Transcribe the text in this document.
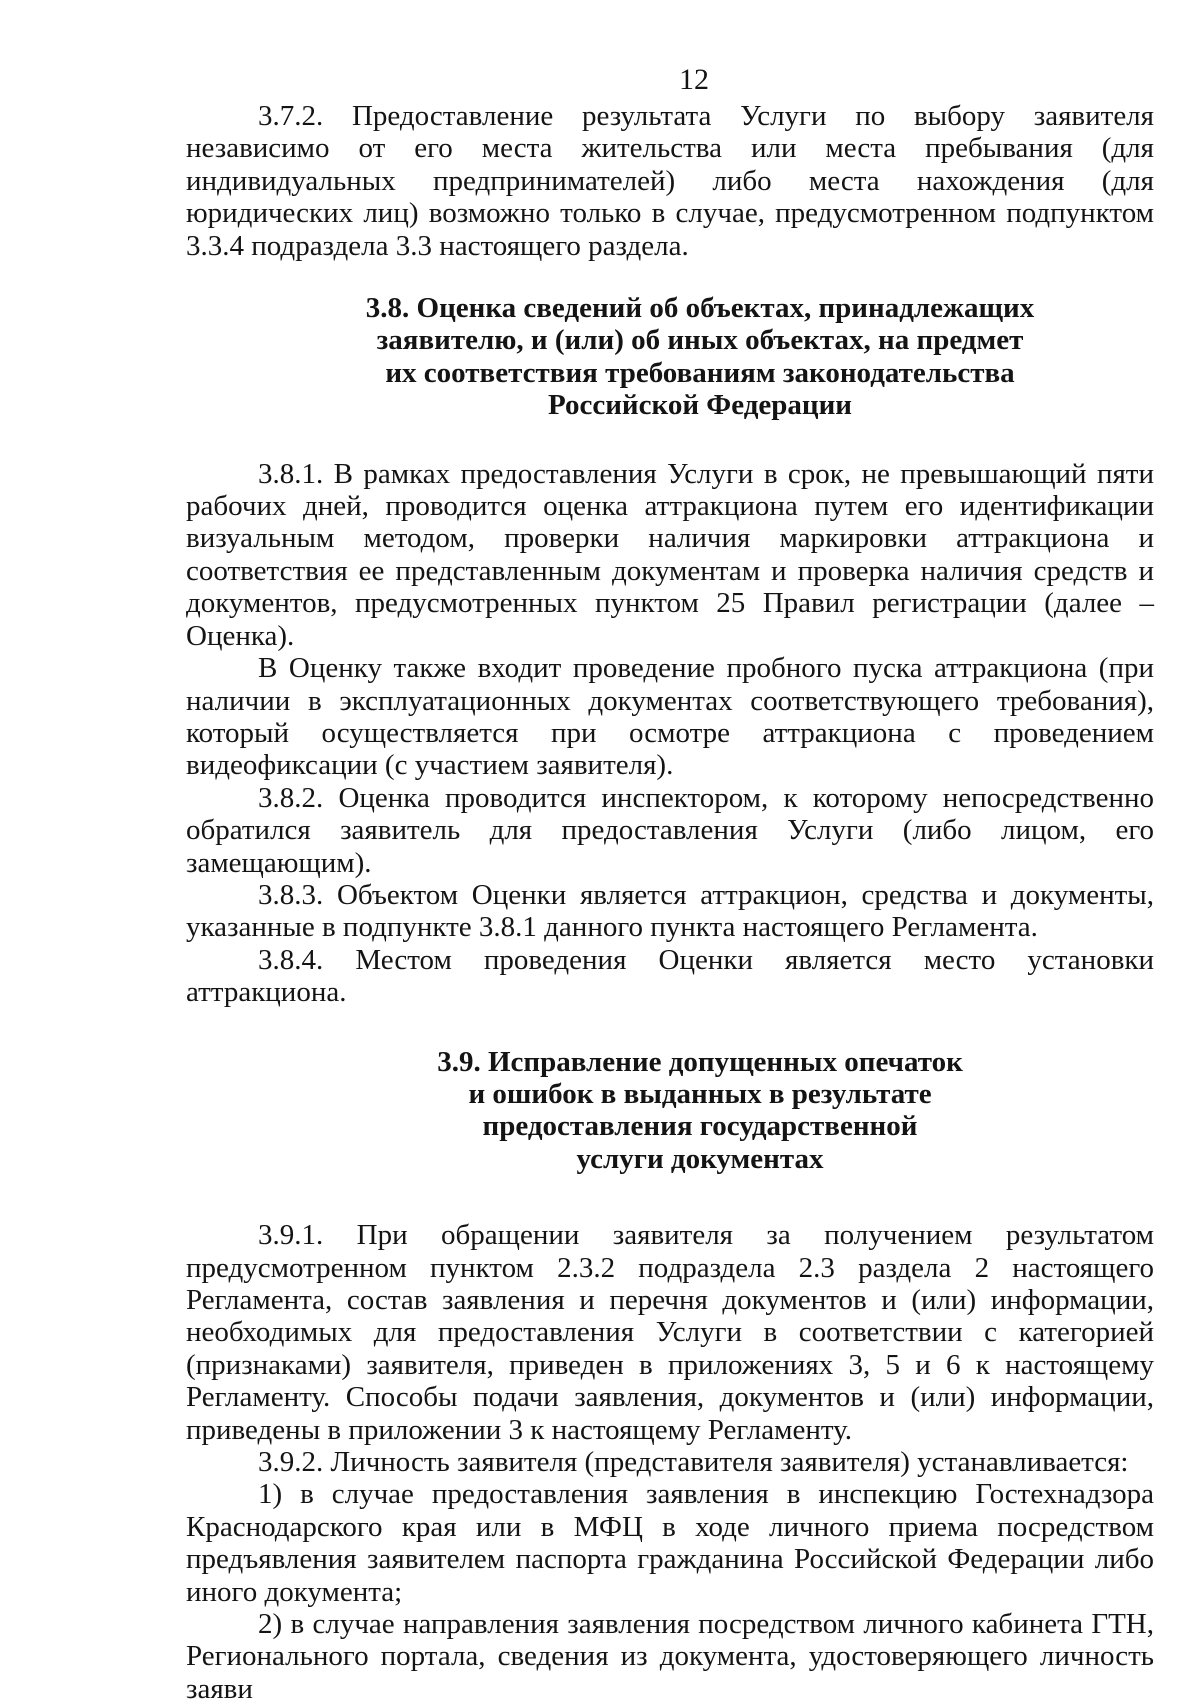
12

3.7.2. Предоставление результата Услуги по выбору заявителя независимо от его места жительства или места пребывания (для индивидуальных предпринимателей) либо места нахождения (для юридических лиц) возможно только в случае, предусмотренном подпунктом 3.3.4 подраздела 3.3 настоящего раздела.

3.8. Оценка сведений об объектах, принадлежащих
заявителю, и (или) об иных объектах, на предмет
их соответствия требованиям законодательства
Российской Федерации

3.8.1. В рамках предоставления Услуги в срок, не превышающий пяти рабочих дней, проводится оценка аттракциона путем его идентификации визуальным методом, проверки наличия маркировки аттракциона и соответствия ее представленным документам и проверка наличия средств и документов, предусмотренных пунктом 25 Правил регистрации (далее – Оценка).

В Оценку также входит проведение пробного пуска аттракциона (при наличии в эксплуатационных документах соответствующего требования), который осуществляется при осмотре аттракциона с проведением видеофиксации (с участием заявителя).

3.8.2. Оценка проводится инспектором, к которому непосредственно обратился заявитель для предоставления Услуги (либо лицом, его замещающим).

3.8.3. Объектом Оценки является аттракцион, средства и документы, указанные в подпункте 3.8.1 данного пункта настоящего Регламента.

3.8.4. Местом проведения Оценки является место установки аттракциона.

3.9. Исправление допущенных опечаток
и ошибок в выданных в результате
предоставления государственной
услуги документах

3.9.1. При обращении заявителя за получением результатом предусмотренном пунктом 2.3.2 подраздела 2.3 раздела 2 настоящего Регламента, состав заявления и перечня документов и (или) информации, необходимых для предоставления Услуги в соответствии с категорией (признаками) заявителя, приведен в приложениях 3, 5 и 6 к настоящему Регламенту. Способы подачи заявления, документов и (или) информации, приведены в приложении 3 к настоящему Регламенту.

3.9.2. Личность заявителя (представителя заявителя) устанавливается:

1) в случае предоставления заявления в инспекцию Гостехнадзора Краснодарского края или в МФЦ в ходе личного приема посредством предъявления заявителем паспорта гражданина Российской Федерации либо иного документа;

2) в случае направления заявления посредством личного кабинета ГТН, Регионального портала, сведения из документа, удостоверяющего личность заяви
